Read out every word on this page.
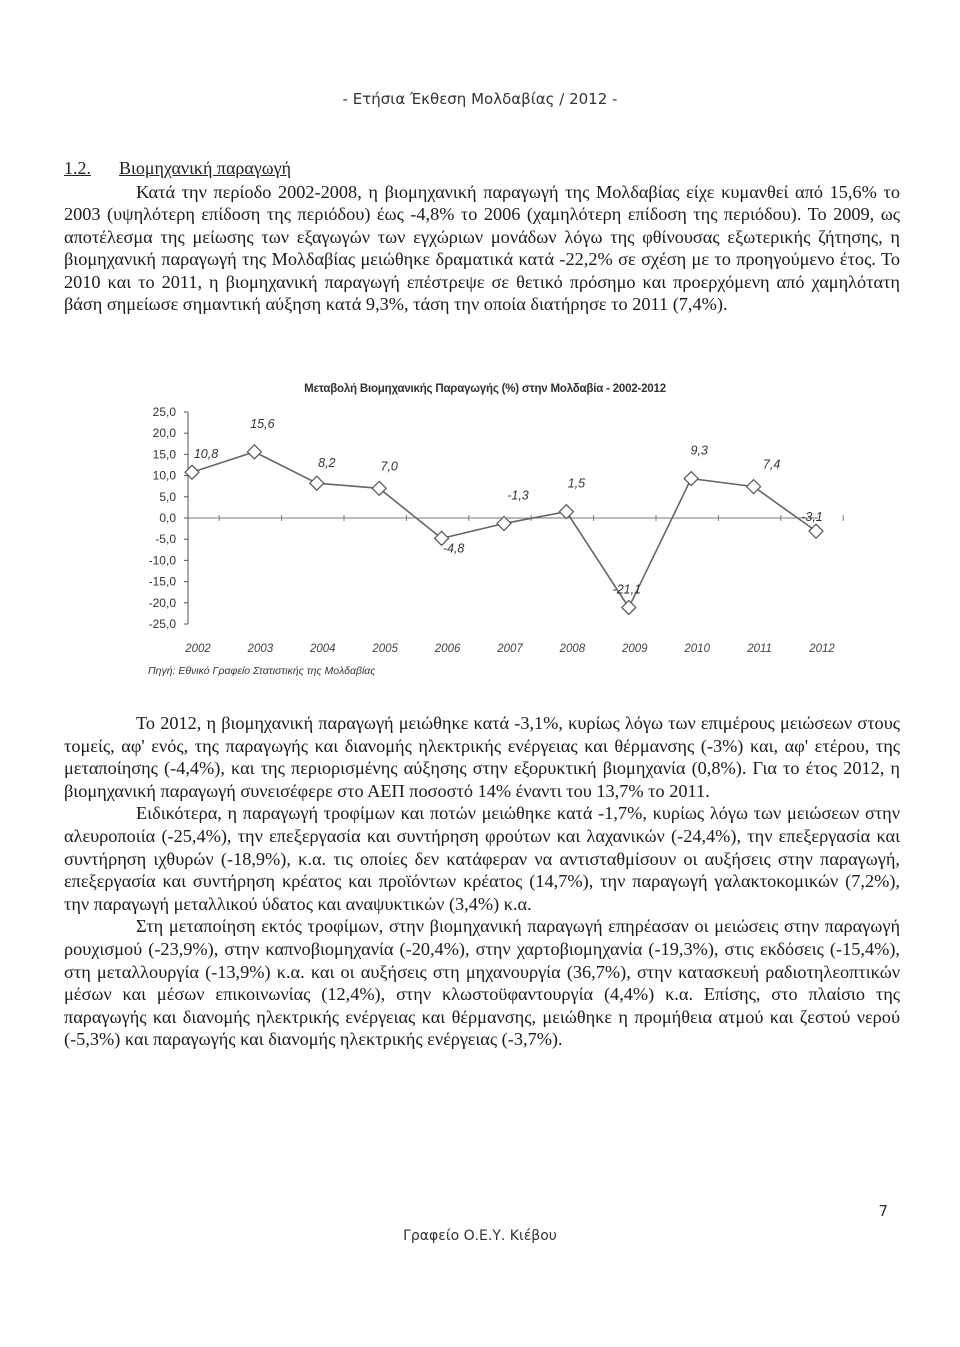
- Ετήσια Έκθεση Μολδαβίας / 2012 -
1.2. Βιομηχανική παραγωγή

Κατά την περίοδο 2002-2008, η βιομηχανική παραγωγή της Μολδαβίας είχε κυμανθεί από 15,6% το 2003 (υψηλότερη επίδοση της περιόδου) έως -4,8% το 2006 (χαμηλότερη επίδοση της περιόδου). Το 2009, ως αποτέλεσμα της μείωσης των εξαγωγών των εγχώριων μονάδων λόγω της φθίνουσας εξωτερικής ζήτησης, η βιομηχανική παραγωγή της Μολδαβίας μειώθηκε δραματικά κατά -22,2% σε σχέση με το προηγούμενο έτος. Το 2010 και το 2011, η βιομηχανική παραγωγή επέστρεψε σε θετικό πρόσημο και προερχόμενη από χαμηλότατη βάση σημείωσε σημαντική αύξηση κατά 9,3%, τάση την οποία διατήρησε το 2011 (7,4%).

Μεταβολή Βιομηχανικής Παραγωγής (%) στην Μολδαβία - 2002-2012
25,0
20,0
15,0
10,0
5,0
0,0
-5,0
-10,0
-15,0
-20,0
-25,0
2002	2003	2004	2005	2006	2007	2008	2009	2010	2011	2012
10,8
15,6
8,2	7,0
-4,8
-1,3
1,5
-21,1
9,3
7,4
-3,1
Πηγή: Εθνικό Γραφείο Στατιστικής της Μολδαβίας

Το 2012, η βιομηχανική παραγωγή μειώθηκε κατά -3,1%, κυρίως λόγω των επιμέρους μειώσεων στους τομείς, αφ' ενός, της παραγωγής και διανομής ηλεκτρικής ενέργειας και θέρμανσης (-3%) και, αφ' ετέρου, της μεταποίησης (-4,4%), και της περιορισμένης αύξησης στην εξορυκτική βιομηχανία (0,8%). Για το έτος 2012, η βιομηχανική παραγωγή συνεισέφερε στο ΑΕΠ ποσοστό 14% έναντι του 13,7% το 2011.

Ειδικότερα, η παραγωγή τροφίμων και ποτών μειώθηκε κατά -1,7%, κυρίως λόγω των μειώσεων στην αλευροποιία (-25,4%), την επεξεργασία και συντήρηση φρούτων και λαχανικών (-24,4%), την επεξεργασία και συντήρηση ιχθυρών (-18,9%), κ.α. τις οποίες δεν κατάφεραν να αντισταθμίσουν οι αυξήσεις στην παραγωγή, επεξεργασία και συντήρηση κρέατος και προϊόντων κρέατος (14,7%), την παραγωγή γαλακτοκομικών (7,2%), την παραγωγή μεταλλικού ύδατος και αναψυκτικών (3,4%) κ.α.

Στη μεταποίηση εκτός τροφίμων, στην βιομηχανική παραγωγή επηρέασαν οι μειώσεις στην παραγωγή ρουχισμού (-23,9%), στην καπνοβιομηχανία (-20,4%), στην χαρτοβιομηχανία (-19,3%), στις εκδόσεις (-15,4%), στη μεταλλουργία (-13,9%) κ.α. και οι αυξήσεις στη μηχανουργία (36,7%), στην κατασκευή ραδιοτηλεοπτικών μέσων και μέσων επικοινωνίας (12,4%), στην κλωστοϋφαντουργία (4,4%) κ.α. Επίσης, στο πλαίσιο της παραγωγής και διανομής ηλεκτρικής ενέργειας και θέρμανσης, μειώθηκε η προμήθεια ατμού και ζεστού νερού (-5,3%) και παραγωγής και διανομής ηλεκτρικής ενέργειας (-3,7%).

7
Γραφείο Ο.Ε.Υ. Κιέβου
